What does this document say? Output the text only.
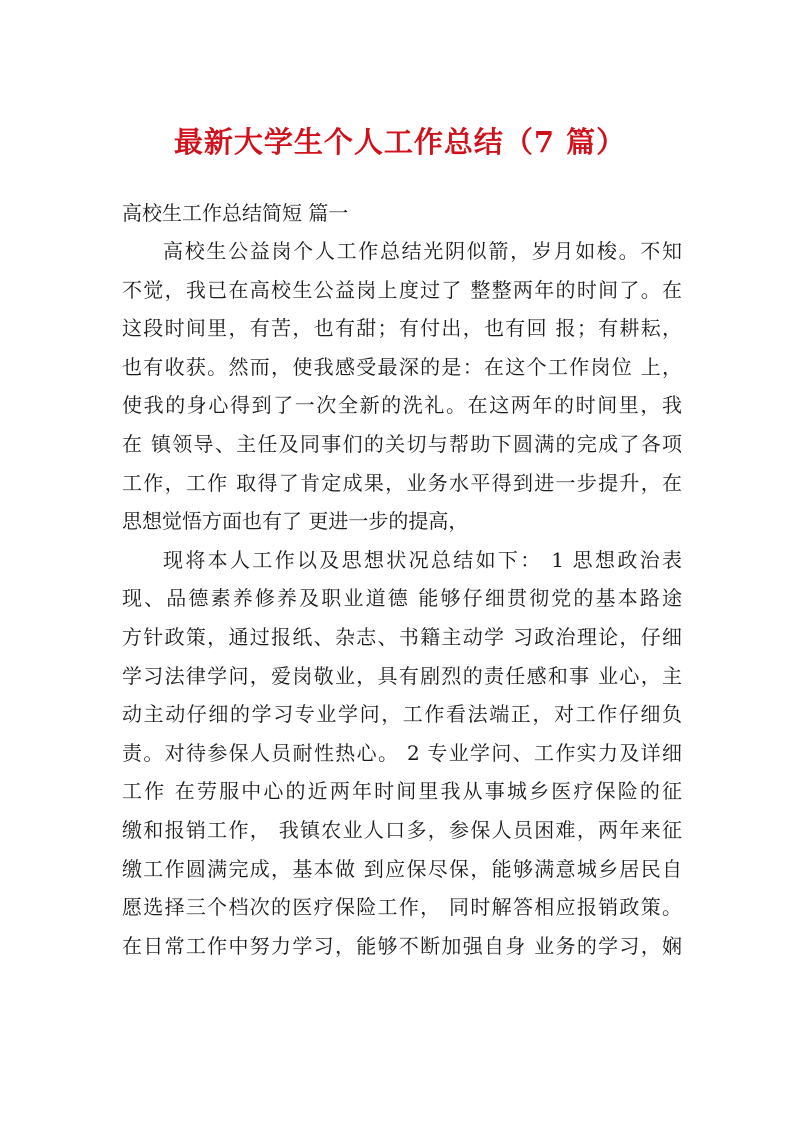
最新大学生个人工作总结（7 篇）

高校生工作总结简短 篇一

高校生公益岗个人工作总结光阴似箭，岁月如梭。不知
不觉，我已在高校生公益岗上度过了 整整两年的时间了。在
这段时间里，有苦，也有甜；有付出，也有回 报；有耕耘，
也有收获。然而，使我感受最深的是：在这个工作岗位 上，
使我的身心得到了一次全新的洗礼。在这两年的时间里，我
在 镇领导、主任及同事们的关切与帮助下圆满的完成了各项
工作，工作 取得了肯定成果，业务水平得到进一步提升，在
思想觉悟方面也有了 更进一步的提高，
现将本人工作以及思想状况总结如下： 1 思想政治表
现、品德素养修养及职业道德 能够仔细贯彻党的基本路途
方针政策，通过报纸、杂志、书籍主动学 习政治理论，仔细
学习法律学问，爱岗敬业，具有剧烈的责任感和事 业心，主
动主动仔细的学习专业学问，工作看法端正，对工作仔细负
责。对待参保人员耐性热心。 2 专业学问、工作实力及详细
工作 在劳服中心的近两年时间里我从事城乡医疗保险的征
缴和报销工作， 我镇农业人口多，参保人员困难，两年来征
缴工作圆满完成，基本做 到应保尽保，能够满意城乡居民自
愿选择三个档次的医疗保险工作， 同时解答相应报销政策。
在日常工作中努力学习，能够不断加强自身 业务的学习，娴
